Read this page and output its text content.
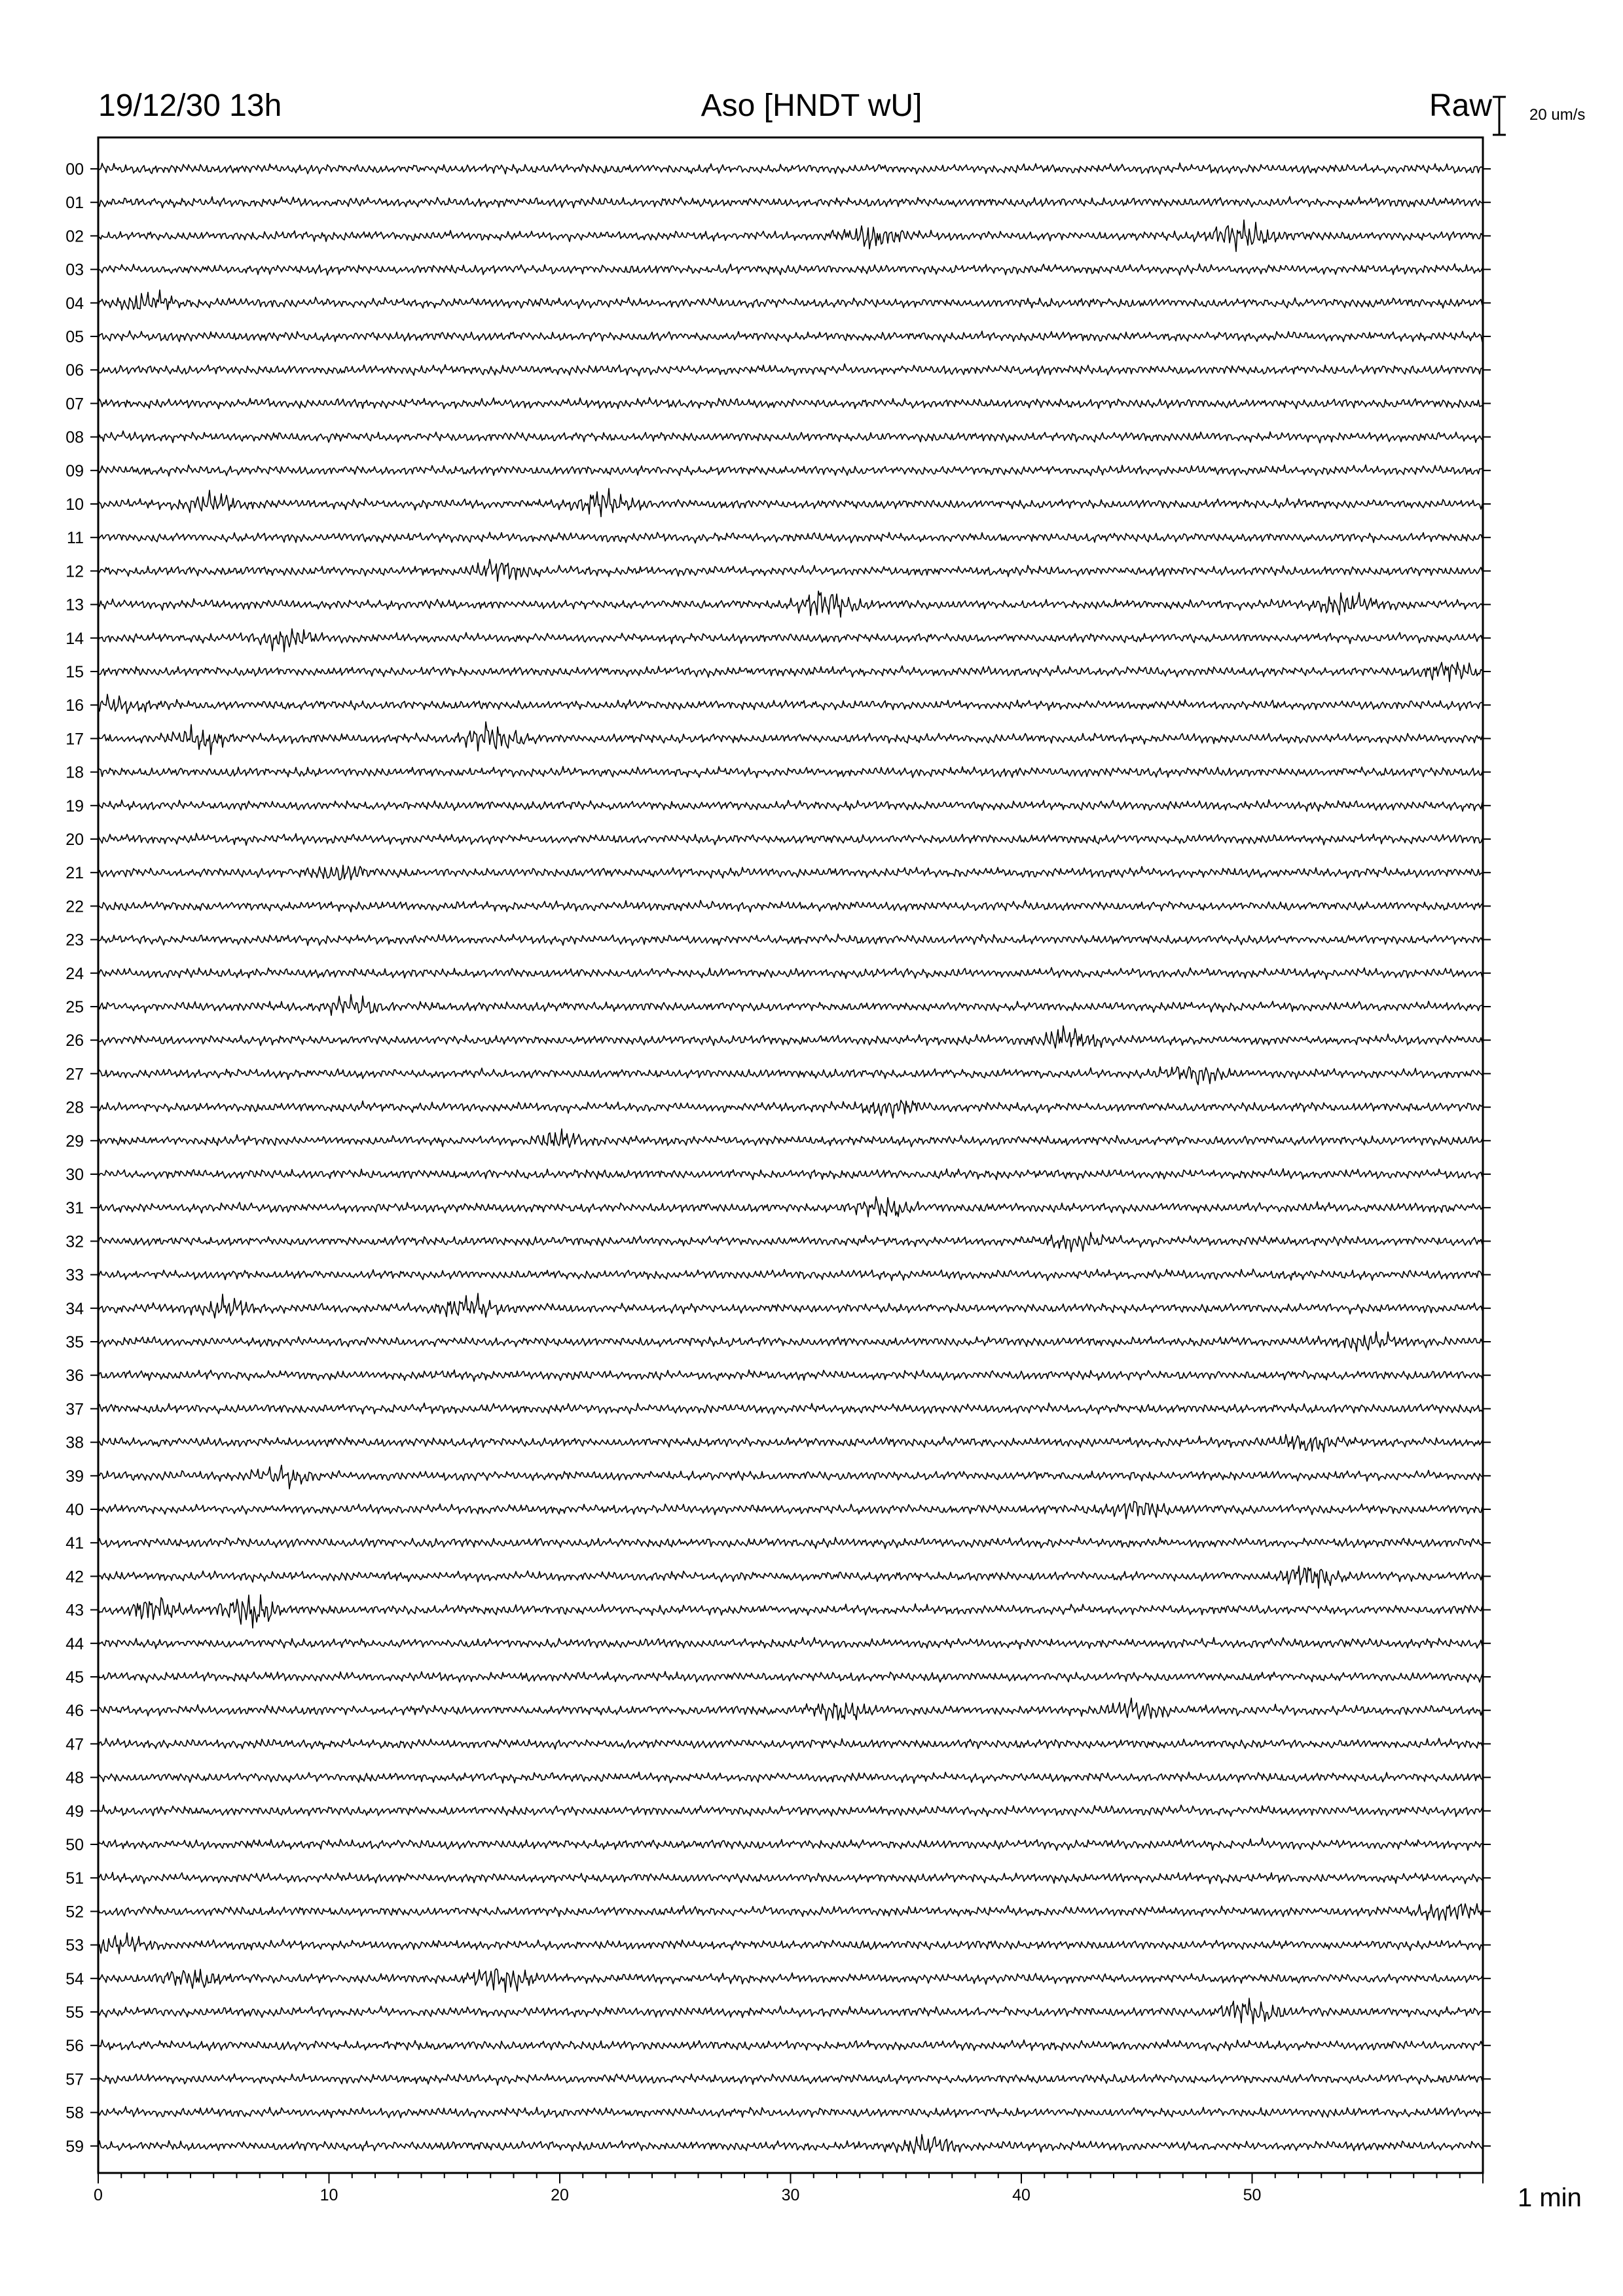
19/12/30 13h	Aso [HNDT wU]	Raw 20 um/s
1 min
00
01
02
03
04
05
06
07
08
09
10
11
12
13
14
15
16
17
18
19
20
21
22
23
24
25
26
27
28
29
30
31
32
33
34
35
36
37
38
39
40
41
42
43
44
45
46
47
48
49
50
51
52
53
54
55
56
57
58
59
0	10	20	30	40	50
